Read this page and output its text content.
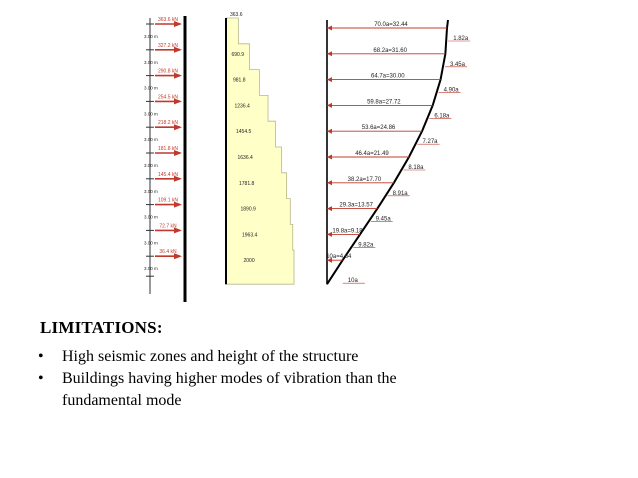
363.6 kN
3.00 m
327.2 kN
3.00 m
290.8 kN
3.00 m
254.5 kN
3.00 m
218.2 kN
3.00 m
181.8 kN
3.00 m
145.4 kN
3.00 m
109.1 kN
3.00 m
72.7 kN
3.00 m
36.4 kN
3.00 m
363.6
690.9
981.8
1236.4
1454.5
1636.4
1781.8
1890.9
1963.4
2000
70.0a=32.44
1.82a
68.2a=31.60
3.45a
64.7a=30.00
4.90a
59.8a=27.72
6.18a
53.6a=24.86
7.27a
46.4a=21.49
8.18a
38.2a=17.70
8.91a
29.3a=13.57
9.45a
19.8a=9.18
9.82a
10a=4.64
10a
LIMITATIONS:
• High seismic zones and height of the structure
• Buildings having higher modes of vibration than the
fundamental mode
